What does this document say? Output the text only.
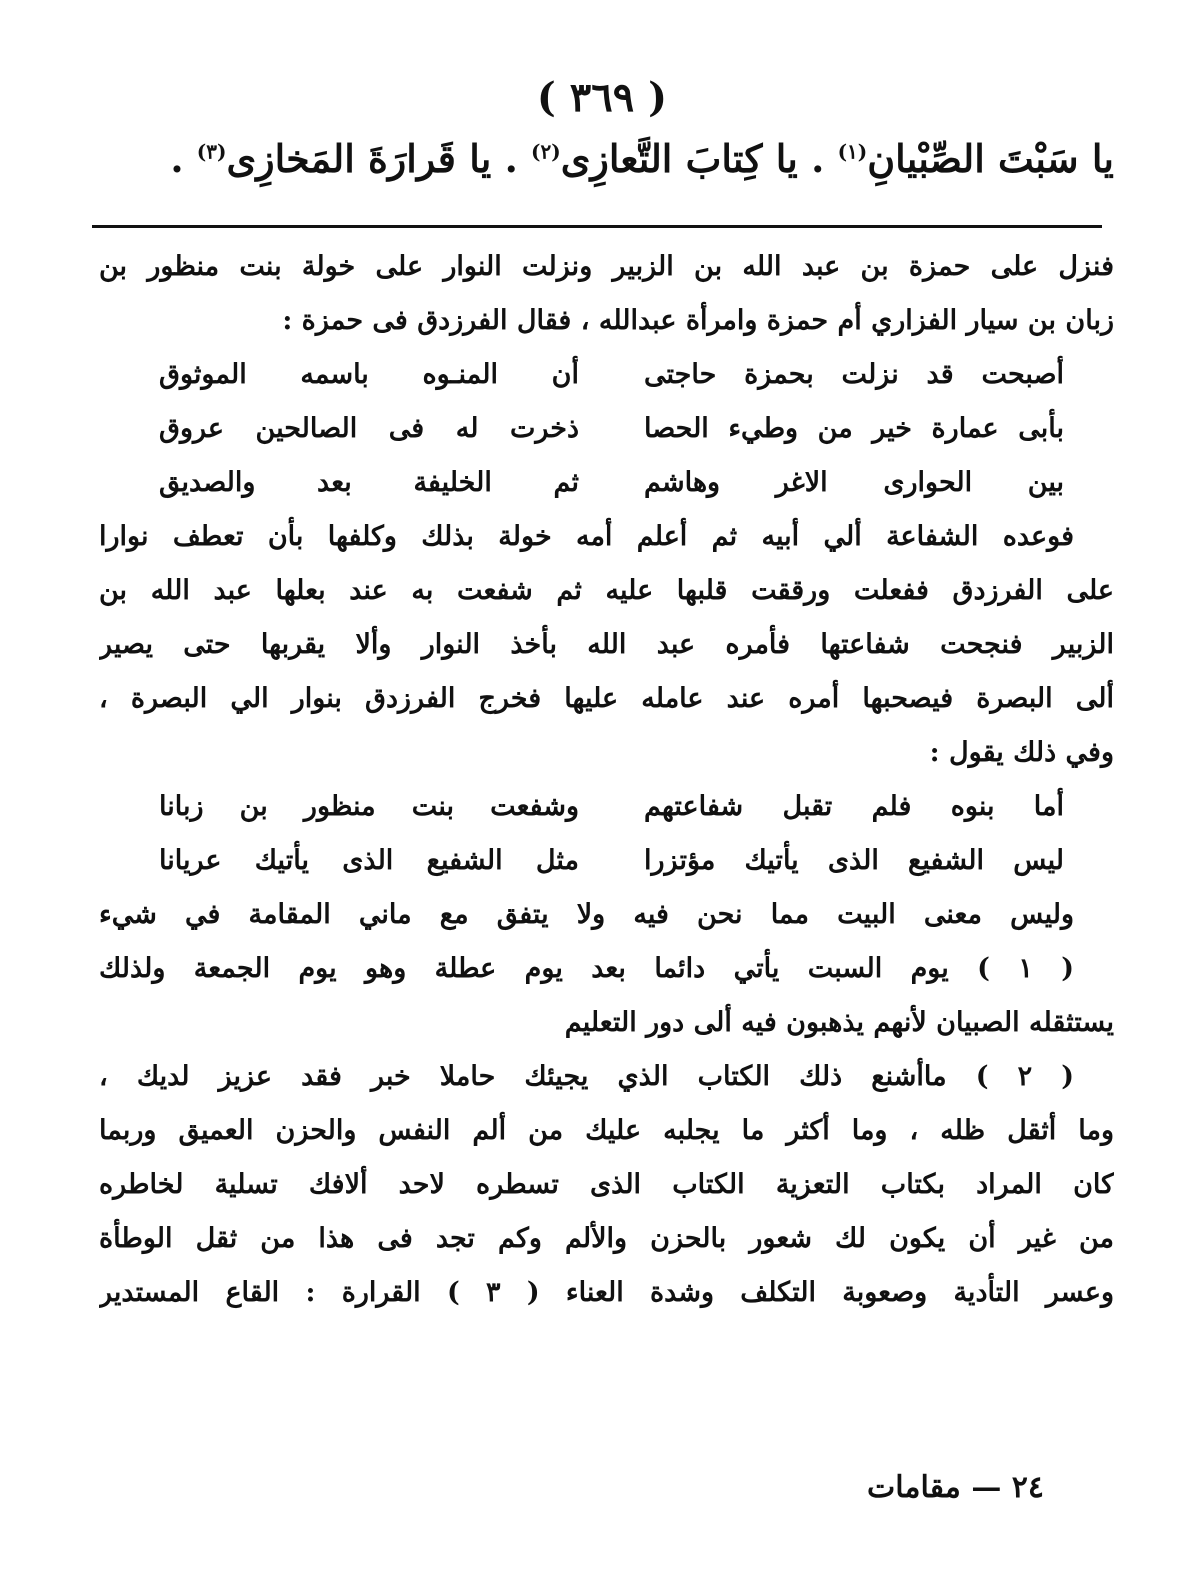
( ٣٦٩ )
يا سَبْتَ الصِّبْيانِ$^{(١)}$ . يا كِتابَ التَّعازِى$^{(٢)}$ . يا قَرارَةَ المَخازِى$^{(٣)}$ .
فنزل على حمزة بن عبد الله بن الزبير ونزلت النوار على خولة بنت منظور بن
زبان بن سيار الفزاري أم حمزة وامرأة عبدالله ، فقال الفرزدق فى حمزة :
أصبحت قد نزلت بحمزة حاجتى
أن المنـوه باسمه الموثوق
بأبى عمارة خير من وطيء الحصا
ذخرت له فى الصالحين عروق
بين الحوارى الاغر وهاشم
ثم الخليفة بعد والصديق
فوعده الشفاعة ألي أبيه ثم أعلم أمه خولة بذلك وكلفها بأن تعطف نوارا
على الفرزدق ففعلت ورققت قلبها عليه ثم شفعت به عند بعلها عبد الله بن
الزبير فنجحت شفاعتها فأمره عبد الله بأخذ النوار وألا يقربها حتى يصير
ألى البصرة فيصحبها أمره عند عامله عليها فخرج الفرزدق بنوار الي البصرة ،
وفي ذلك يقول :
أما بنوه فلم تقبل شفاعتهم
وشفعت بنت منظور بن زبانا
ليس الشفيع الذى يأتيك مؤتزرا
مثل الشفيع الذى يأتيك عريانا
وليس معنى البيت مما نحن فيه ولا يتفق مع ماني المقامة في شيء
( ١ ) يوم السبت يأتي دائما بعد يوم عطلة وهو يوم الجمعة ولذلك
يستثقله الصبيان لأنهم يذهبون فيه ألى دور التعليم
( ٢ ) ماأشنع ذلك الكتاب الذي يجيئك حاملا خبر فقد عزيز لديك ،
وما أثقل ظله ، وما أكثر ما يجلبه عليك من ألم النفس والحزن العميق وربما
كان المراد بكتاب التعزية الكتاب الذى تسطره لاحد ألافك تسلية لخاطره
من غير أن يكون لك شعور بالحزن والألم وكم تجد فى هذا من ثقل الوطأة
وعسر التأدية وصعوبة التكلف وشدة العناء ( ٣ ) القرارة : القاع المستدير
٢٤ — مقامات
